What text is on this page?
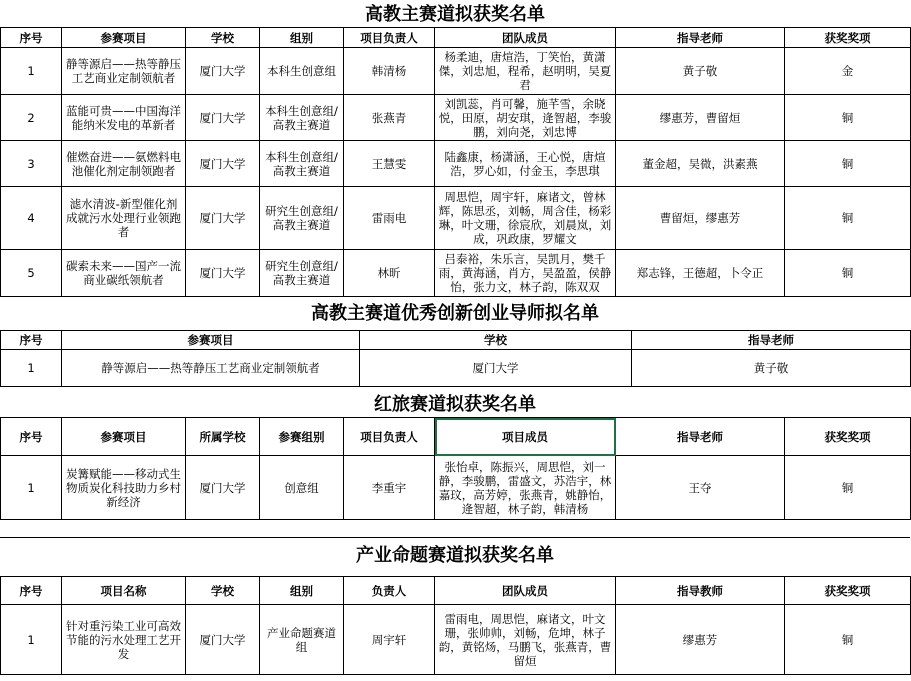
高教主赛道拟获奖名单
序号	参赛项目	学校	组别	项目负责人	团队成员	指导老师	获奖奖项
1	静等源启——热等静压工艺商业定制领航者	厦门大学	本科生创意组	韩清杨	杨柔迪，唐煊浩，丁笑怡，黄潇傑，刘忠旭，程希，赵明明，吴夏君	黄子敬	金
2	蓝能可贵——中国海洋能纳米发电的革新者	厦门大学	本科生创意组/高教主赛道	张燕青	刘凯蕊，肖可馨，施芊雪，余晓悦，田原，胡安琪，逄智超，李骏鹏，刘向尧，刘忠博	缪惠芳，曹留烜	铜
3	催燃奋进——氨燃料电池催化剂定制领跑者	厦门大学	本科生创意组/高教主赛道	王慧雯	陆鑫康，杨潇涵，王心悦，唐煊浩，罗心如，付金玉，李思琪	董金超，吴微，洪素燕	铜
4	滤水清波-新型催化剂成就污水处理行业领跑者	厦门大学	研究生创意组/高教主赛道	雷雨电	周思恺，周宇轩，麻诸文，曾林辉，陈思丞，刘畅，周含佳，杨彩琳，叶文珊，徐宸欣，刘晨岚，刘成，巩政康，罗耀文	曹留烜，缪惠芳	铜
5	碳索未来——国产一流商业碳纸领航者	厦门大学	研究生创意组/高教主赛道	林昕	吕泰裕，朱乐言，吴凯月，樊千雨，黄海涵，肖方，吴盈盈，侯静怡，张力文，林子韵，陈双双	郑志锋，王德超，卜令正	铜
高教主赛道优秀创新创业导师拟名单
序号	参赛项目	学校	指导老师
1	静等源启——热等静压工艺商业定制领航者	厦门大学	黄子敬
红旅赛道拟获奖名单
序号	参赛项目	所属学校	参赛组别	项目负责人	项目成员	指导老师	获奖奖项
1	炭篝赋能——移动式生物质炭化科技助力乡村新经济	厦门大学	创意组	李重宇	张怡卓，陈振兴，周思恺，刘一静，李骏鹏，雷盛文，苏浩宇，林嘉玟，高芳婷，张燕青，姚静怡，逄智超，林子韵，韩清杨	王夺	铜
产业命题赛道拟获奖名单
序号	项目名称	学校	组别	负责人	团队成员	指导教师	获奖奖项
1	针对重污染工业可高效节能的污水处理工艺开发	厦门大学	产业命题赛道组	周宇轩	雷雨电，周思恺，麻诸文，叶文珊，张帅帅，刘畅，危坤，林子韵，黄铭炀，马鹏飞，张燕青，曹留烜	缪惠芳	铜
